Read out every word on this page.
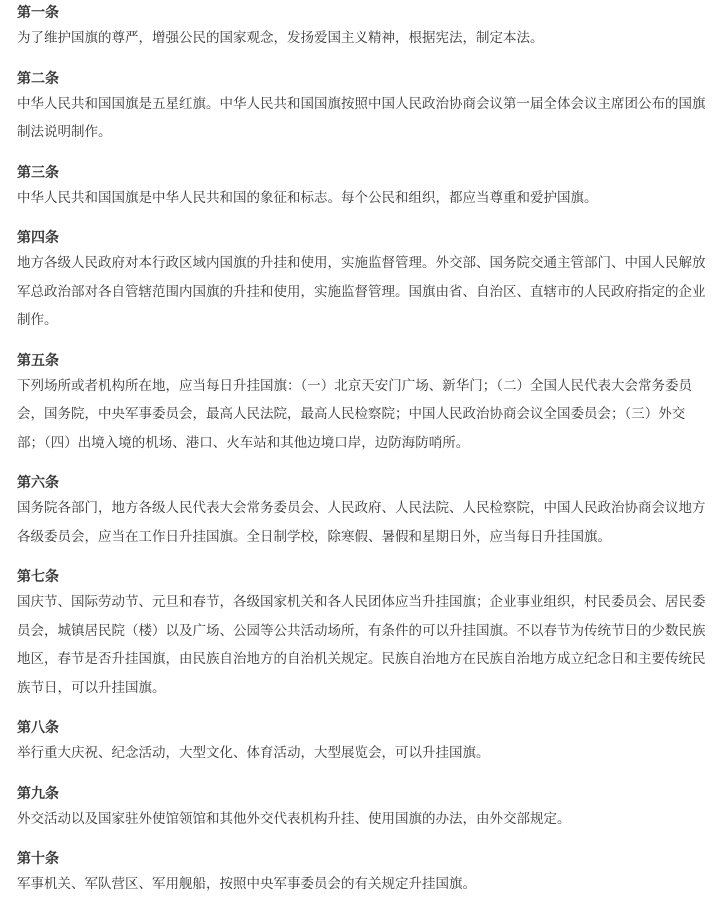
第一条
为了维护国旗的尊严，增强公民的国家观念，发扬爱国主义精神，根据宪法，制定本法。
第二条
中华人民共和国国旗是五星红旗。中华人民共和国国旗按照中国人民政治协商会议第一届全体会议主席团公布的国旗制法说明制作。
第三条
中华人民共和国国旗是中华人民共和国的象征和标志。每个公民和组织，都应当尊重和爱护国旗。
第四条
地方各级人民政府对本行政区域内国旗的升挂和使用，实施监督管理。外交部、国务院交通主管部门、中国人民解放军总政治部对各自管辖范围内国旗的升挂和使用，实施监督管理。国旗由省、自治区、直辖市的人民政府指定的企业制作。
第五条
下列场所或者机构所在地，应当每日升挂国旗：（一）北京天安门广场、新华门；（二）全国人民代表大会常务委员会，国务院，中央军事委员会，最高人民法院，最高人民检察院；中国人民政治协商会议全国委员会；（三）外交部；（四）出境入境的机场、港口、火车站和其他边境口岸，边防海防哨所。
第六条
国务院各部门，地方各级人民代表大会常务委员会、人民政府、人民法院、人民检察院，中国人民政治协商会议地方各级委员会，应当在工作日升挂国旗。全日制学校，除寒假、暑假和星期日外，应当每日升挂国旗。
第七条
国庆节、国际劳动节、元旦和春节，各级国家机关和各人民团体应当升挂国旗；企业事业组织，村民委员会、居民委员会，城镇居民院（楼）以及广场、公园等公共活动场所，有条件的可以升挂国旗。不以春节为传统节日的少数民族地区，春节是否升挂国旗，由民族自治地方的自治机关规定。民族自治地方在民族自治地方成立纪念日和主要传统民族节日，可以升挂国旗。
第八条
举行重大庆祝、纪念活动，大型文化、体育活动，大型展览会，可以升挂国旗。
第九条
外交活动以及国家驻外使馆领馆和其他外交代表机构升挂、使用国旗的办法，由外交部规定。
第十条
军事机关、军队营区、军用舰船，按照中央军事委员会的有关规定升挂国旗。
